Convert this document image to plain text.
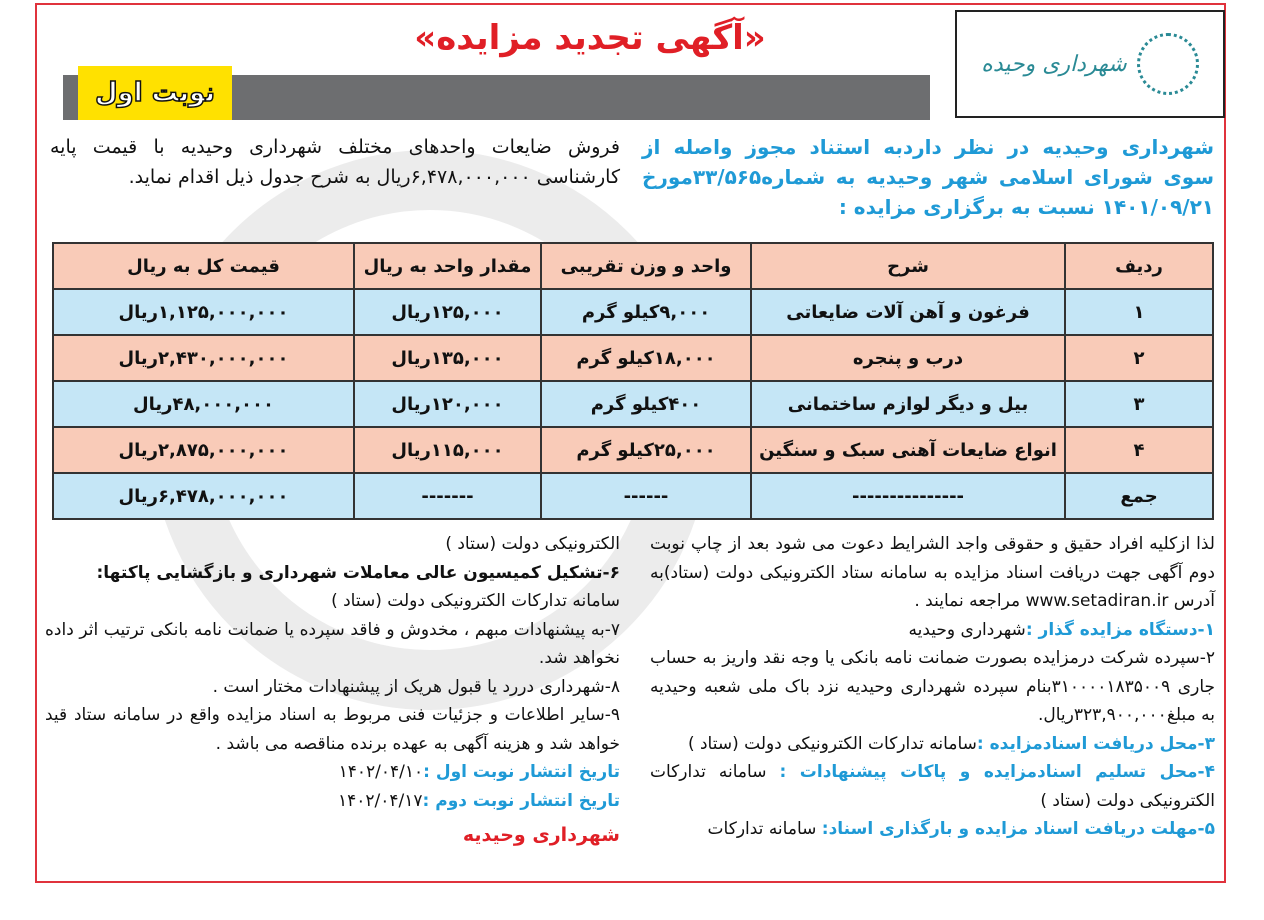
شهرداری وحیده
«آگهی تجدید مزایده»
نوبت اول
شهرداری وحیدیه در نظر داردبه استناد مجوز واصله از سوی شورای اسلامی شهر وحیدیه به شماره۳۳/۵۶۵مورخ ۱۴۰۱/۰۹/۲۱ نسبت به برگزاری مزایده :
فروش ضایعات واحدهای مختلف شهرداری وحیدیه با قیمت پایه کارشناسی ۶,۴۷۸,۰۰۰,۰۰۰ریال به شرح جدول ذیل اقدام نماید.
ردیف	شرح	واحد و وزن تقریبی	مقدار واحد به ریال	قیمت کل به ریال
۱	فرغون و آهن آلات ضایعاتی	۹,۰۰۰کیلو گرم	۱۲۵,۰۰۰ریال	۱,۱۲۵,۰۰۰,۰۰۰ریال
۲	درب و پنجره	۱۸,۰۰۰کیلو گرم	۱۳۵,۰۰۰ریال	۲,۴۳۰,۰۰۰,۰۰۰ریال
۳	بیل و دیگر لوازم ساختمانی	۴۰۰کیلو گرم	۱۲۰,۰۰۰ریال	۴۸,۰۰۰,۰۰۰ریال
۴	انواع ضایعات آهنی سبک و سنگین	۲۵,۰۰۰کیلو گرم	۱۱۵,۰۰۰ریال	۲,۸۷۵,۰۰۰,۰۰۰ریال
جمع	---------------	------	-------	۶,۴۷۸,۰۰۰,۰۰۰ریال
لذا ازکلیه افراد حقیق و حقوقی واجد الشرایط دعوت می شود بعد از چاپ نوبت دوم آگهی جهت دریافت اسناد مزایده به سامانه ستاد الکترونیکی دولت (ستاد)به آدرس www.setadiran.ir مراجعه نمایند .
۱-دستگاه مزایده گذار :شهرداری وحیدیه
۲-سپرده شرکت درمزایده بصورت ضمانت نامه بانکی یا وجه نقد واریز به حساب جاری ۳۱۰۰۰۰۱۸۳۵۰۰۹بنام سپرده شهرداری وحیدیه نزد باک ملی شعبه وحیدیه به مبلغ۳۲۳,۹۰۰,۰۰۰ریال.
۳-محل دریافت اسنادمزایده :سامانه تدارکات الکترونیکی دولت (ستاد )
۴-محل تسلیم اسنادمزایده و پاکات پیشنهادات : سامانه تدارکات الکترونیکی دولت (ستاد )
۵-مهلت دریافت اسناد مزایده و بارگذاری اسناد: سامانه تدارکات
الکترونیکی دولت (ستاد )
۶-تشکیل کمیسیون عالی معاملات شهرداری و بازگشایی پاکتها:
سامانه تدارکات الکترونیکی دولت (ستاد )
۷-به پیشنهادات مبهم ، مخدوش و فاقد سپرده یا ضمانت نامه بانکی ترتیب اثر داده نخواهد شد.
۸-شهرداری دررد یا قبول هریک از پیشنهادات مختار است .
۹-سایر اطلاعات و جزئیات فنی مربوط به اسناد مزایده واقع در سامانه ستاد قید خواهد شد و هزینه آگهی به عهده برنده مناقصه می باشد .
تاریخ انتشار نوبت اول :۱۴۰۲/۰۴/۱۰
تاریخ انتشار نوبت دوم :۱۴۰۲/۰۴/۱۷
شهرداری وحیدیه
